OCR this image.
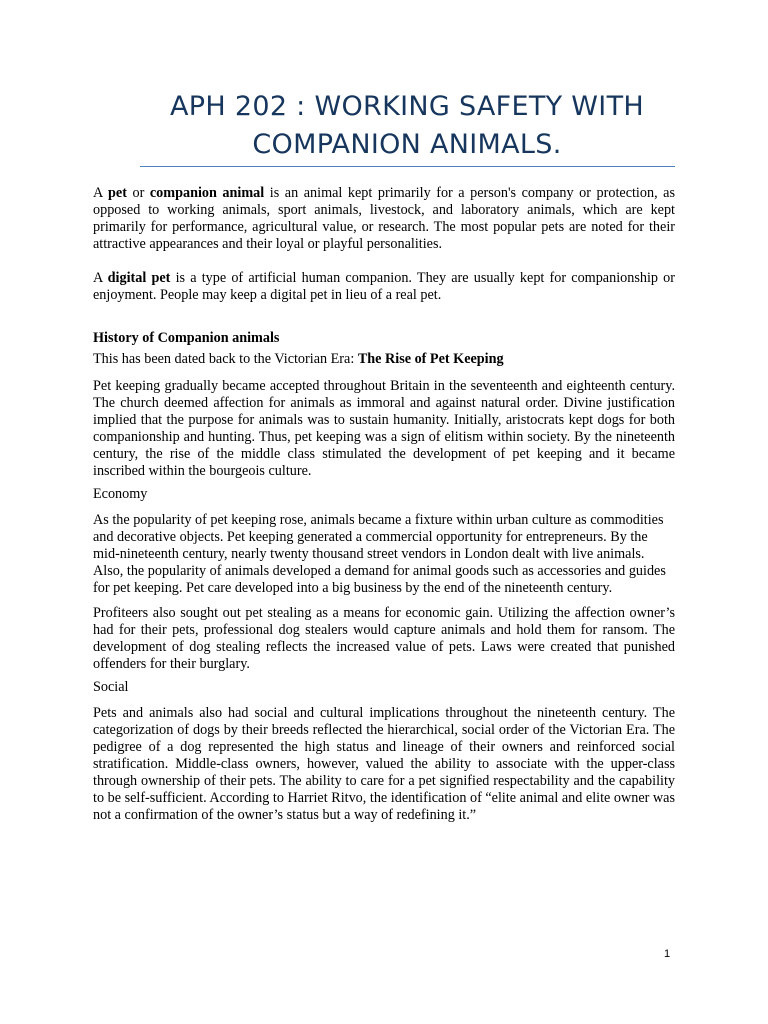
APH 202 : WORKING SAFETY WITH
COMPANION ANIMALS.

A pet or companion animal is an animal kept primarily for a person's company or protection, as opposed to working animals, sport animals, livestock, and laboratory animals, which are kept primarily for performance, agricultural value, or research. The most popular pets are noted for their attractive appearances and their loyal or playful personalities.

A digital pet is a type of artificial human companion. They are usually kept for companionship or enjoyment. People may keep a digital pet in lieu of a real pet.

History of Companion animals

This has been dated back to the Victorian Era: The Rise of Pet Keeping

Pet keeping gradually became accepted throughout Britain in the seventeenth and eighteenth century. The church deemed affection for animals as immoral and against natural order. Divine justification implied that the purpose for animals was to sustain humanity. Initially, aristocrats kept dogs for both companionship and hunting. Thus, pet keeping was a sign of elitism within society. By the nineteenth century, the rise of the middle class stimulated the development of pet keeping and it became inscribed within the bourgeois culture.

Economy

As the popularity of pet keeping rose, animals became a fixture within urban culture as commodities and decorative objects. Pet keeping generated a commercial opportunity for entrepreneurs. By the mid-nineteenth century, nearly twenty thousand street vendors in London dealt with live animals. Also, the popularity of animals developed a demand for animal goods such as accessories and guides for pet keeping. Pet care developed into a big business by the end of the nineteenth century.

Profiteers also sought out pet stealing as a means for economic gain. Utilizing the affection owner’s had for their pets, professional dog stealers would capture animals and hold them for ransom. The development of dog stealing reflects the increased value of pets. Laws were created that punished offenders for their burglary.

Social

Pets and animals also had social and cultural implications throughout the nineteenth century. The categorization of dogs by their breeds reflected the hierarchical, social order of the Victorian Era. The pedigree of a dog represented the high status and lineage of their owners and reinforced social stratification. Middle-class owners, however, valued the ability to associate with the upper-class through ownership of their pets. The ability to care for a pet signified respectability and the capability to be self-sufficient. According to Harriet Ritvo, the identification of “elite animal and elite owner was not a confirmation of the owner’s status but a way of redefining it.”

1
